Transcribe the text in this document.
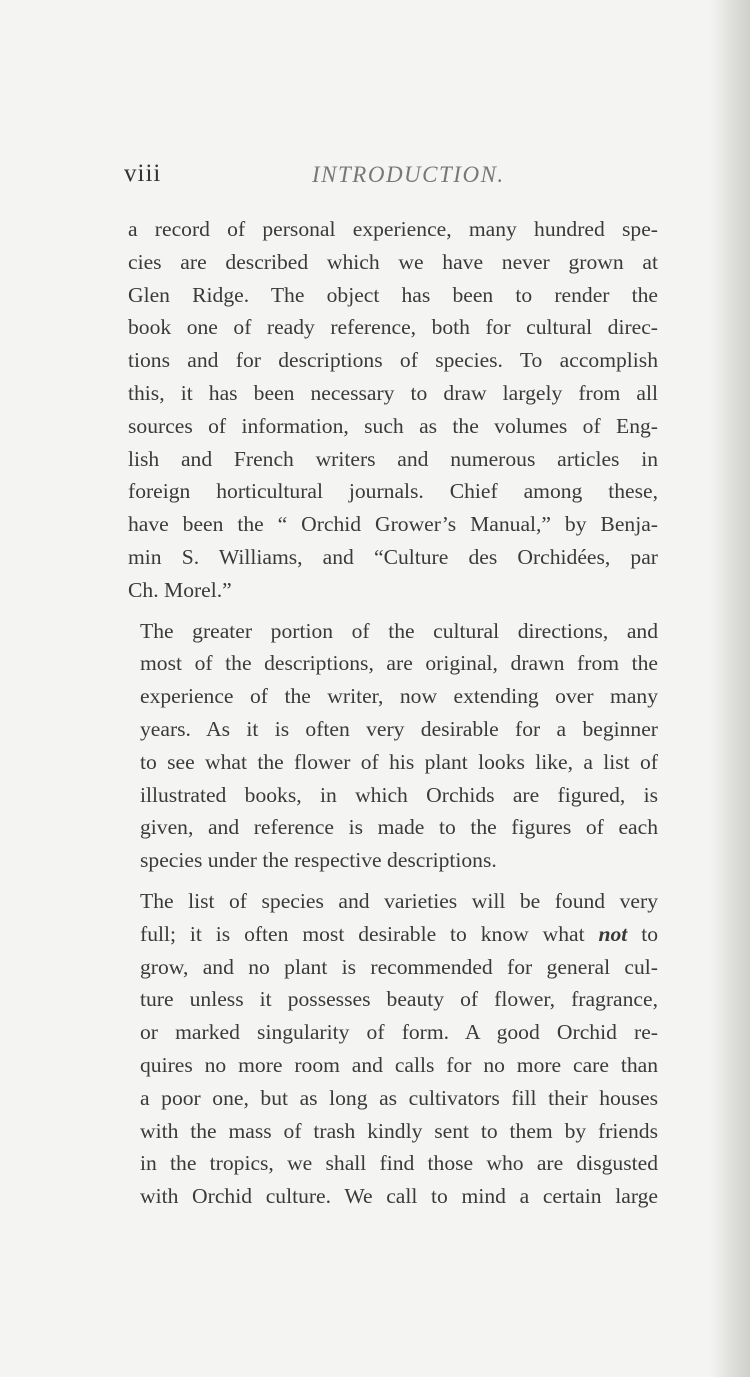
viii	INTRODUCTION.

a record of personal experience, many hundred spe-
cies are described which we have never grown at
Glen Ridge. The object has been to render the
book one of ready reference, both for cultural direc-
tions and for descriptions of species. To accomplish
this, it has been necessary to draw largely from all
sources of information, such as the volumes of Eng-
lish and French writers and numerous articles in
foreign horticultural journals. Chief among these,
have been the “ Orchid Grower’s Manual,” by Benja-
min S. Williams, and “Culture des Orchidées, par
Ch. Morel.”

The greater portion of the cultural directions, and
most of the descriptions, are original, drawn from the
experience of the writer, now extending over many
years. As it is often very desirable for a beginner
to see what the flower of his plant looks like, a list of
illustrated books, in which Orchids are figured, is
given, and reference is made to the figures of each
species under the respective descriptions.

The list of species and varieties will be found very
full; it is often most desirable to know what not to
grow, and no plant is recommended for general cul-
ture unless it possesses beauty of flower, fragrance,
or marked singularity of form. A good Orchid re-
quires no more room and calls for no more care than
a poor one, but as long as cultivators fill their houses
with the mass of trash kindly sent to them by friends
in the tropics, we shall find those who are disgusted
with Orchid culture. We call to mind a certain large
